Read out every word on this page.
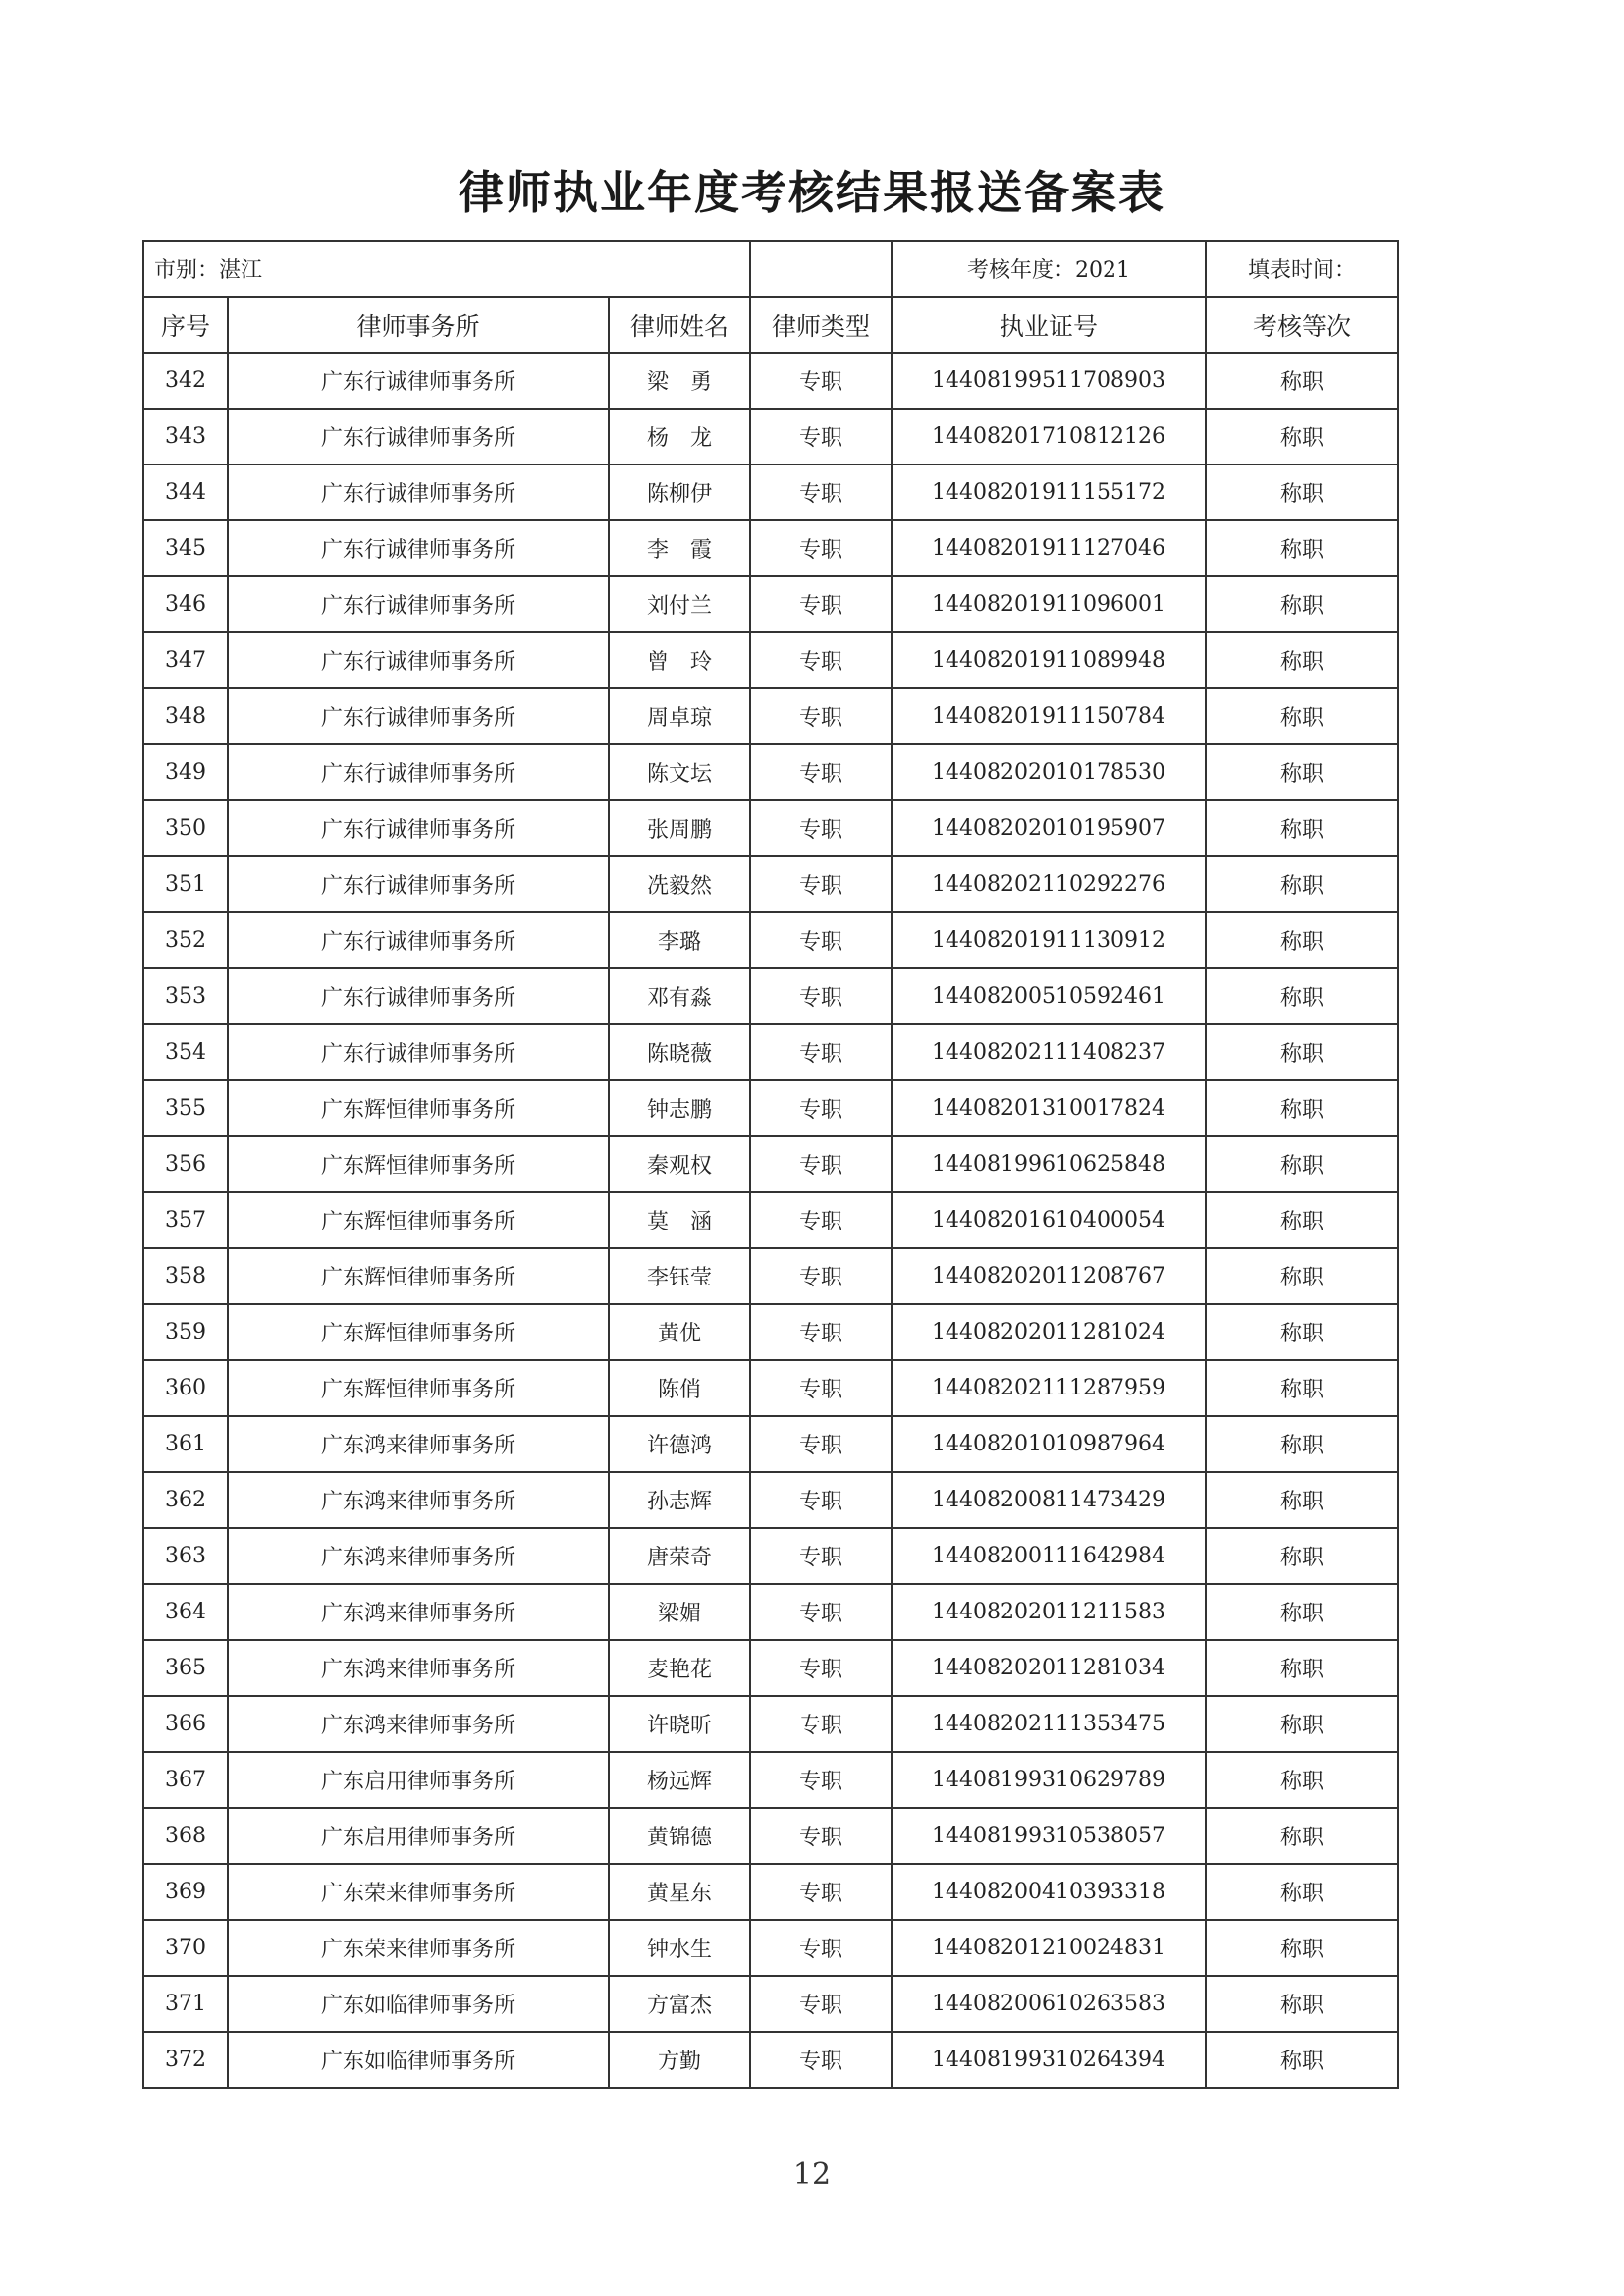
律师执业年度考核结果报送备案表
市别：湛江				考核年度：2021	填表时间：
序号	律师事务所	律师姓名	律师类型	执业证号	考核等次
342	广东行诚律师事务所	梁　勇	专职	14408199511708903	称职
343	广东行诚律师事务所	杨　龙	专职	14408201710812126	称职
344	广东行诚律师事务所	陈柳伊	专职	14408201911155172	称职
345	广东行诚律师事务所	李　霞	专职	14408201911127046	称职
346	广东行诚律师事务所	刘付兰	专职	14408201911096001	称职
347	广东行诚律师事务所	曾　玲	专职	14408201911089948	称职
348	广东行诚律师事务所	周卓琼	专职	14408201911150784	称职
349	广东行诚律师事务所	陈文坛	专职	14408202010178530	称职
350	广东行诚律师事务所	张周鹏	专职	14408202010195907	称职
351	广东行诚律师事务所	冼毅然	专职	14408202110292276	称职
352	广东行诚律师事务所	李璐	专职	14408201911130912	称职
353	广东行诚律师事务所	邓有淼	专职	14408200510592461	称职
354	广东行诚律师事务所	陈晓薇	专职	14408202111408237	称职
355	广东辉恒律师事务所	钟志鹏	专职	14408201310017824	称职
356	广东辉恒律师事务所	秦观权	专职	14408199610625848	称职
357	广东辉恒律师事务所	莫　涵	专职	14408201610400054	称职
358	广东辉恒律师事务所	李钰莹	专职	14408202011208767	称职
359	广东辉恒律师事务所	黄优	专职	14408202011281024	称职
360	广东辉恒律师事务所	陈俏	专职	14408202111287959	称职
361	广东鸿来律师事务所	许德鸿	专职	14408201010987964	称职
362	广东鸿来律师事务所	孙志辉	专职	14408200811473429	称职
363	广东鸿来律师事务所	唐荣奇	专职	14408200111642984	称职
364	广东鸿来律师事务所	梁媚	专职	14408202011211583	称职
365	广东鸿来律师事务所	麦艳花	专职	14408202011281034	称职
366	广东鸿来律师事务所	许晓昕	专职	14408202111353475	称职
367	广东启用律师事务所	杨远辉	专职	14408199310629789	称职
368	广东启用律师事务所	黄锦德	专职	14408199310538057	称职
369	广东荣来律师事务所	黄星东	专职	14408200410393318	称职
370	广东荣来律师事务所	钟水生	专职	14408201210024831	称职
371	广东如临律师事务所	方富杰	专职	14408200610263583	称职
372	广东如临律师事务所	方勤	专职	14408199310264394	称职
12
